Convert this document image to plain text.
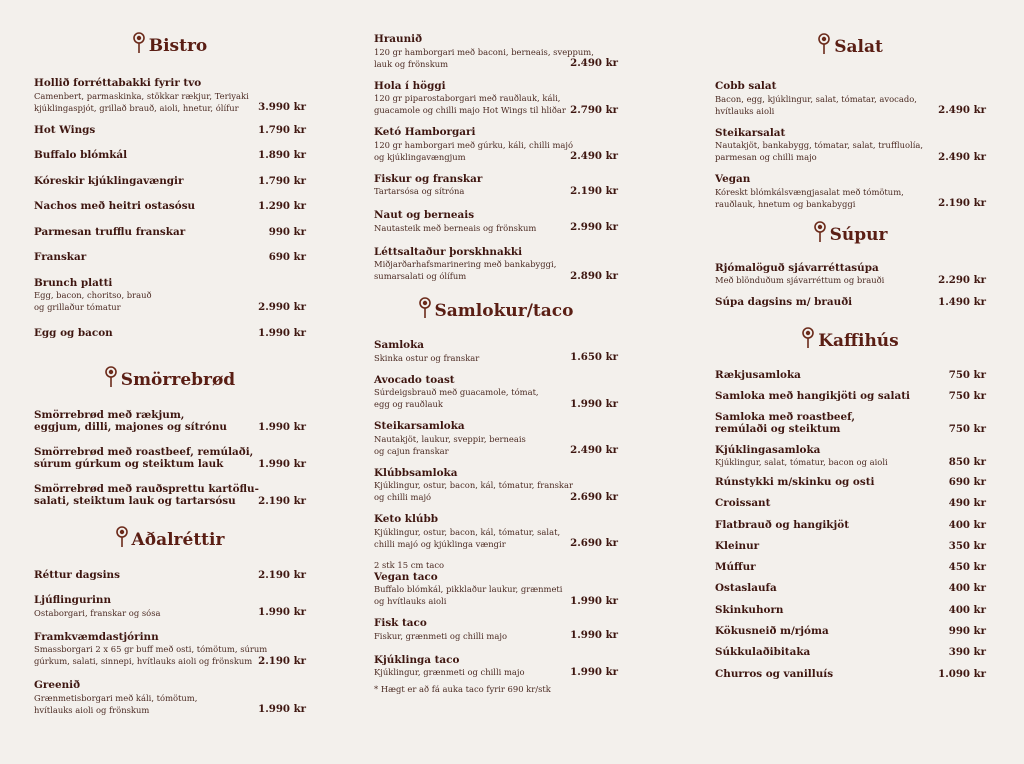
Bistro
Hollið forréttabakki fyrir tvo
Camenbert, parmaskinka, stökkar rækjur, Teriyaki
kjúklingaspjót, grillað brauð, aioli, hnetur, ólífur	3.990 kr
Hot Wings	1.790 kr
Buffalo blómkál	1.890 kr
Kóreskir kjúklingavængir	1.790 kr
Nachos með heitri ostasósu	1.290 kr
Parmesan trufflu franskar	990 kr
Franskar	690 kr
Brunch platti
Egg, bacon, choritso, brauð
og grillaður tómatur	2.990 kr
Egg og bacon	1.990 kr
Smörrebrød
Smörrebrød með rækjum,
eggjum, dilli, majones og sítrónu	1.990 kr
Smörrebrød með roastbeef, remúlaði,
súrum gúrkum og steiktum lauk	1.990 kr
Smörrebrød með rauðsprettu kartöflu-
salati, steiktum lauk og tartarsósu	2.190 kr
Aðalréttir
Réttur dagsins	2.190 kr
Ljúflingurinn
Ostaborgari, franskar og sósa	1.990 kr
Framkvæmdastjórinn
Smassborgari 2 x 65 gr buff með osti, tómötum, súrum
gúrkum, salati, sinnepi, hvítlauks aioli og frönskum 2.190 kr
Greenið
Grænmetisborgari með káli, tómötum,
hvítlauks aioli og frönskum	1.990 kr
Hraunið
120 gr hamborgari með baconi, berneais, sveppum,
lauk og frönskum	2.490 kr
Hola í höggi
120 gr piparostaborgari með rauðlauk, káli,
guacamole og chilli majo Hot Wings til hliðar 2.790 kr
Ketó Hamborgari
120 gr hamborgari með gúrku, káli, chilli majó
og kjúklingavængjum	2.490 kr
Fiskur og franskar
Tartarsósa og sítróna	2.190 kr
Naut og berneais
Nautasteik með berneais og frönskum	2.990 kr
Léttsaltaður þorskhnakki
Miðjarðarhafsmarinering með bankabyggi,
sumarsalati og ólífum	2.890 kr
Samlokur/taco
Samloka
Skinka ostur og franskar	1.650 kr
Avocado toast
Súrdeigsbrauð með guacamole, tómat,
egg og rauðlauk	1.990 kr
Steikarsamloka
Nautakjöt, laukur, sveppir, berneais
og cajun franskar	2.490 kr
Klúbbsamloka
Kjúklingur, ostur, bacon, kál, tómatur, franskar
og chilli majó	2.690 kr
Keto klúbb
Kjúklingur, ostur, bacon, kál, tómatur, salat,
chilli majó og kjúklinga vængir	2.690 kr
2 stk 15 cm taco
Vegan taco
Buffalo blómkál, pikklaður laukur, grænmeti
og hvítlauks aioli	1.990 kr
Fisk taco
Fiskur, grænmeti og chilli majo	1.990 kr
Kjúklinga taco
Kjúklingur, grænmeti og chilli majo	1.990 kr
* Hægt er að fá auka taco fyrir 690 kr/stk
Salat
Cobb salat
Bacon, egg, kjúklingur, salat, tómatar, avocado,
hvítlauks aioli	2.490 kr
Steikarsalat
Nautakjöt, bankabygg, tómatar, salat, truffluolía,
parmesan og chilli majo	2.490 kr
Vegan
Kóreskt blómkálsvængjasalat með tómötum,
rauðlauk, hnetum og bankabyggi	2.190 kr
Súpur
Rjómalöguð sjávarréttasúpa
Með blönduðum sjávarréttum og brauði	2.290 kr
Súpa dagsins m/ brauði	1.490 kr
Kaffihús
Rækjusamloka	750 kr
Samloka með hangikjöti og salati	750 kr
Samloka með roastbeef,
remúlaði og steiktum	750 kr
Kjúklingasamloka
Kjúklingur, salat, tómatur, bacon og aioli	850 kr
Rúnstykki m/skinku og osti	690 kr
Croissant	490 kr
Flatbrauð og hangikjöt	400 kr
Kleinur	350 kr
Múffur	450 kr
Ostaslaufa	400 kr
Skinkuhorn	400 kr
Kökusneið m/rjóma	990 kr
Súkkulaðibitaka	390 kr
Churros og vanilluís	1.090 kr
